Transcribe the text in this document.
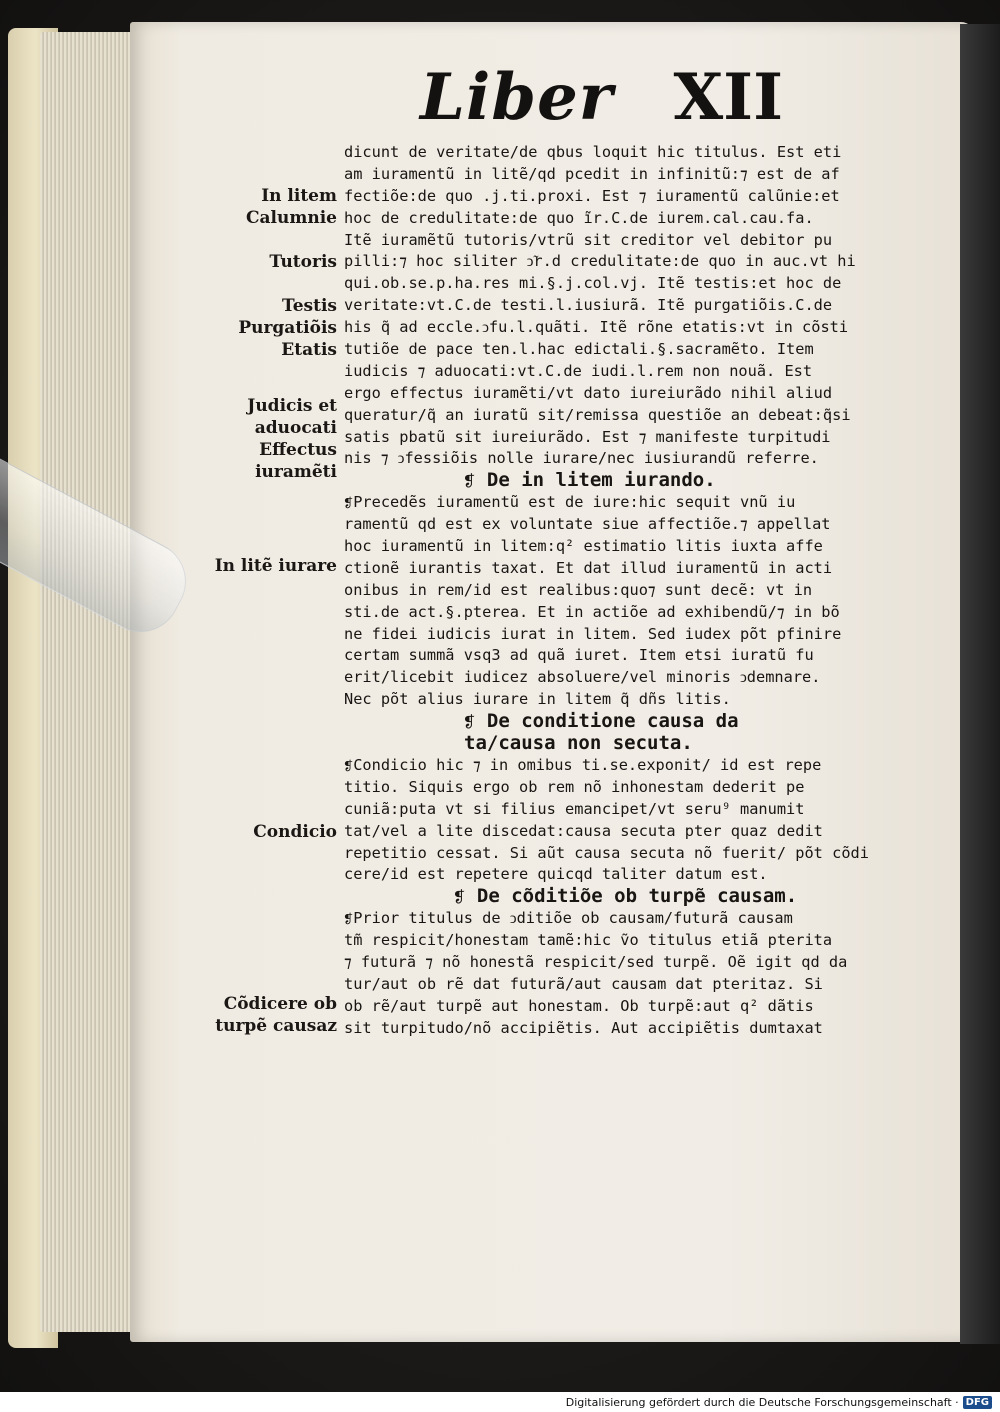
Liber XII
dicunt de veritate/de qbus loquit hic titulus. Est eti
am iuramentũ in litẽ/qd pcedit in infinitũ:⁊ est de af
fectiõe:de quo .j.ti.proxi. Est ⁊ iuramentũ calũnie:et
hoc de credulitate:de quo ĩr.C.de iurem.cal.cau.fa.
Itẽ iuramẽtũ tutoris/vtrũ sit creditor vel debitor pu
pilli:⁊ hoc siliter ↄ̃r.d credulitate:de quo in auc.vt hi
qui.ob.se.p.ha.res mi.§.j.col.vj. Itẽ testis:et hoc de
veritate:vt.C.de testi.l.iusiurã. Itẽ purgatiõis.C.de
his q̃ ad eccle.ↄfu.l.quãti. Itẽ rõne etatis:vt in cõsti
tutiõe de pace ten.l.hac edictali.§.sacramẽto. Item
iudicis ⁊ aduocati:vt.C.de iudi.l.rem non nouã. Est
ergo effectus iuramẽti/vt dato iureiurãdo nihil aliud
queratur/q̃ an iuratũ sit/remissa questiõe an debeat:q̃si
satis pbatũ sit iureiurãdo. Est ⁊ manifeste turpitudi
nis ⁊ ↄfessiõis nolle iurare/nec iusiurandũ referre.
❡ De in litem iurando.
❡Precedẽs iuramentũ est de iure:hic sequit vnũ iu
ramentũ qd est ex voluntate siue affectiõe.⁊ appellat
hoc iuramentũ in litem:q² estimatio litis iuxta affe
ctionẽ iurantis taxat. Et dat illud iuramentũ in acti
onibus in rem/id est realibus:quo⁊ sunt decẽ: vt in
sti.de act.§.pterea. Et in actiõe ad exhibendũ/⁊ in bõ
ne fidei iudicis iurat in litem. Sed iudex põt pfinire
certam summã vsq3 ad quã iuret. Item etsi iuratũ fu
erit/licebit iudicez absoluere/vel minoris ↄdemnare.
Nec põt alius iurare in litem q̃ dñs litis.
❡ De conditione causa da
ta/causa non secuta.
❡Condicio hic ⁊ in omibus ti.se.exponit/ id est repe
titio. Siquis ergo ob rem nõ inhonestam dederit pe
cuniã:puta vt si filius emancipet/vt seru⁹ manumit
tat/vel a lite discedat:causa secuta pter quaz dedit
repetitio cessat. Si aũt causa secuta nõ fuerit/ põt cõdi
cere/id est repetere quicqd taliter datum est.
❡ De cõditiõe ob turpẽ causam.
❡Prior titulus de ↄditiõe ob causam/futurã causam
tm̃ respicit/honestam tamẽ:hic ṽo titulus etiã pterita
⁊ futurã ⁊ nõ honestã respicit/sed turpẽ. Oẽ igit qd da
tur/aut ob rẽ dat futurã/aut causam dat pteritaz. Si
ob rẽ/aut turpẽ aut honestam. Ob turpẽ:aut q² dãtis
sit turpitudo/nõ accipiẽtis. Aut accipiẽtis dumtaxat
In litem
Calumnie
Tutoris
Testis
Purgatiõis
Etatis
Judicis et
aduocati
Effectus
iuramẽti
In litẽ iurare
Condicio
Cõdicere ob
turpẽ causaz
Digitalisierung gefördert durch die Deutsche Forschungsgemeinschaft · DFG
